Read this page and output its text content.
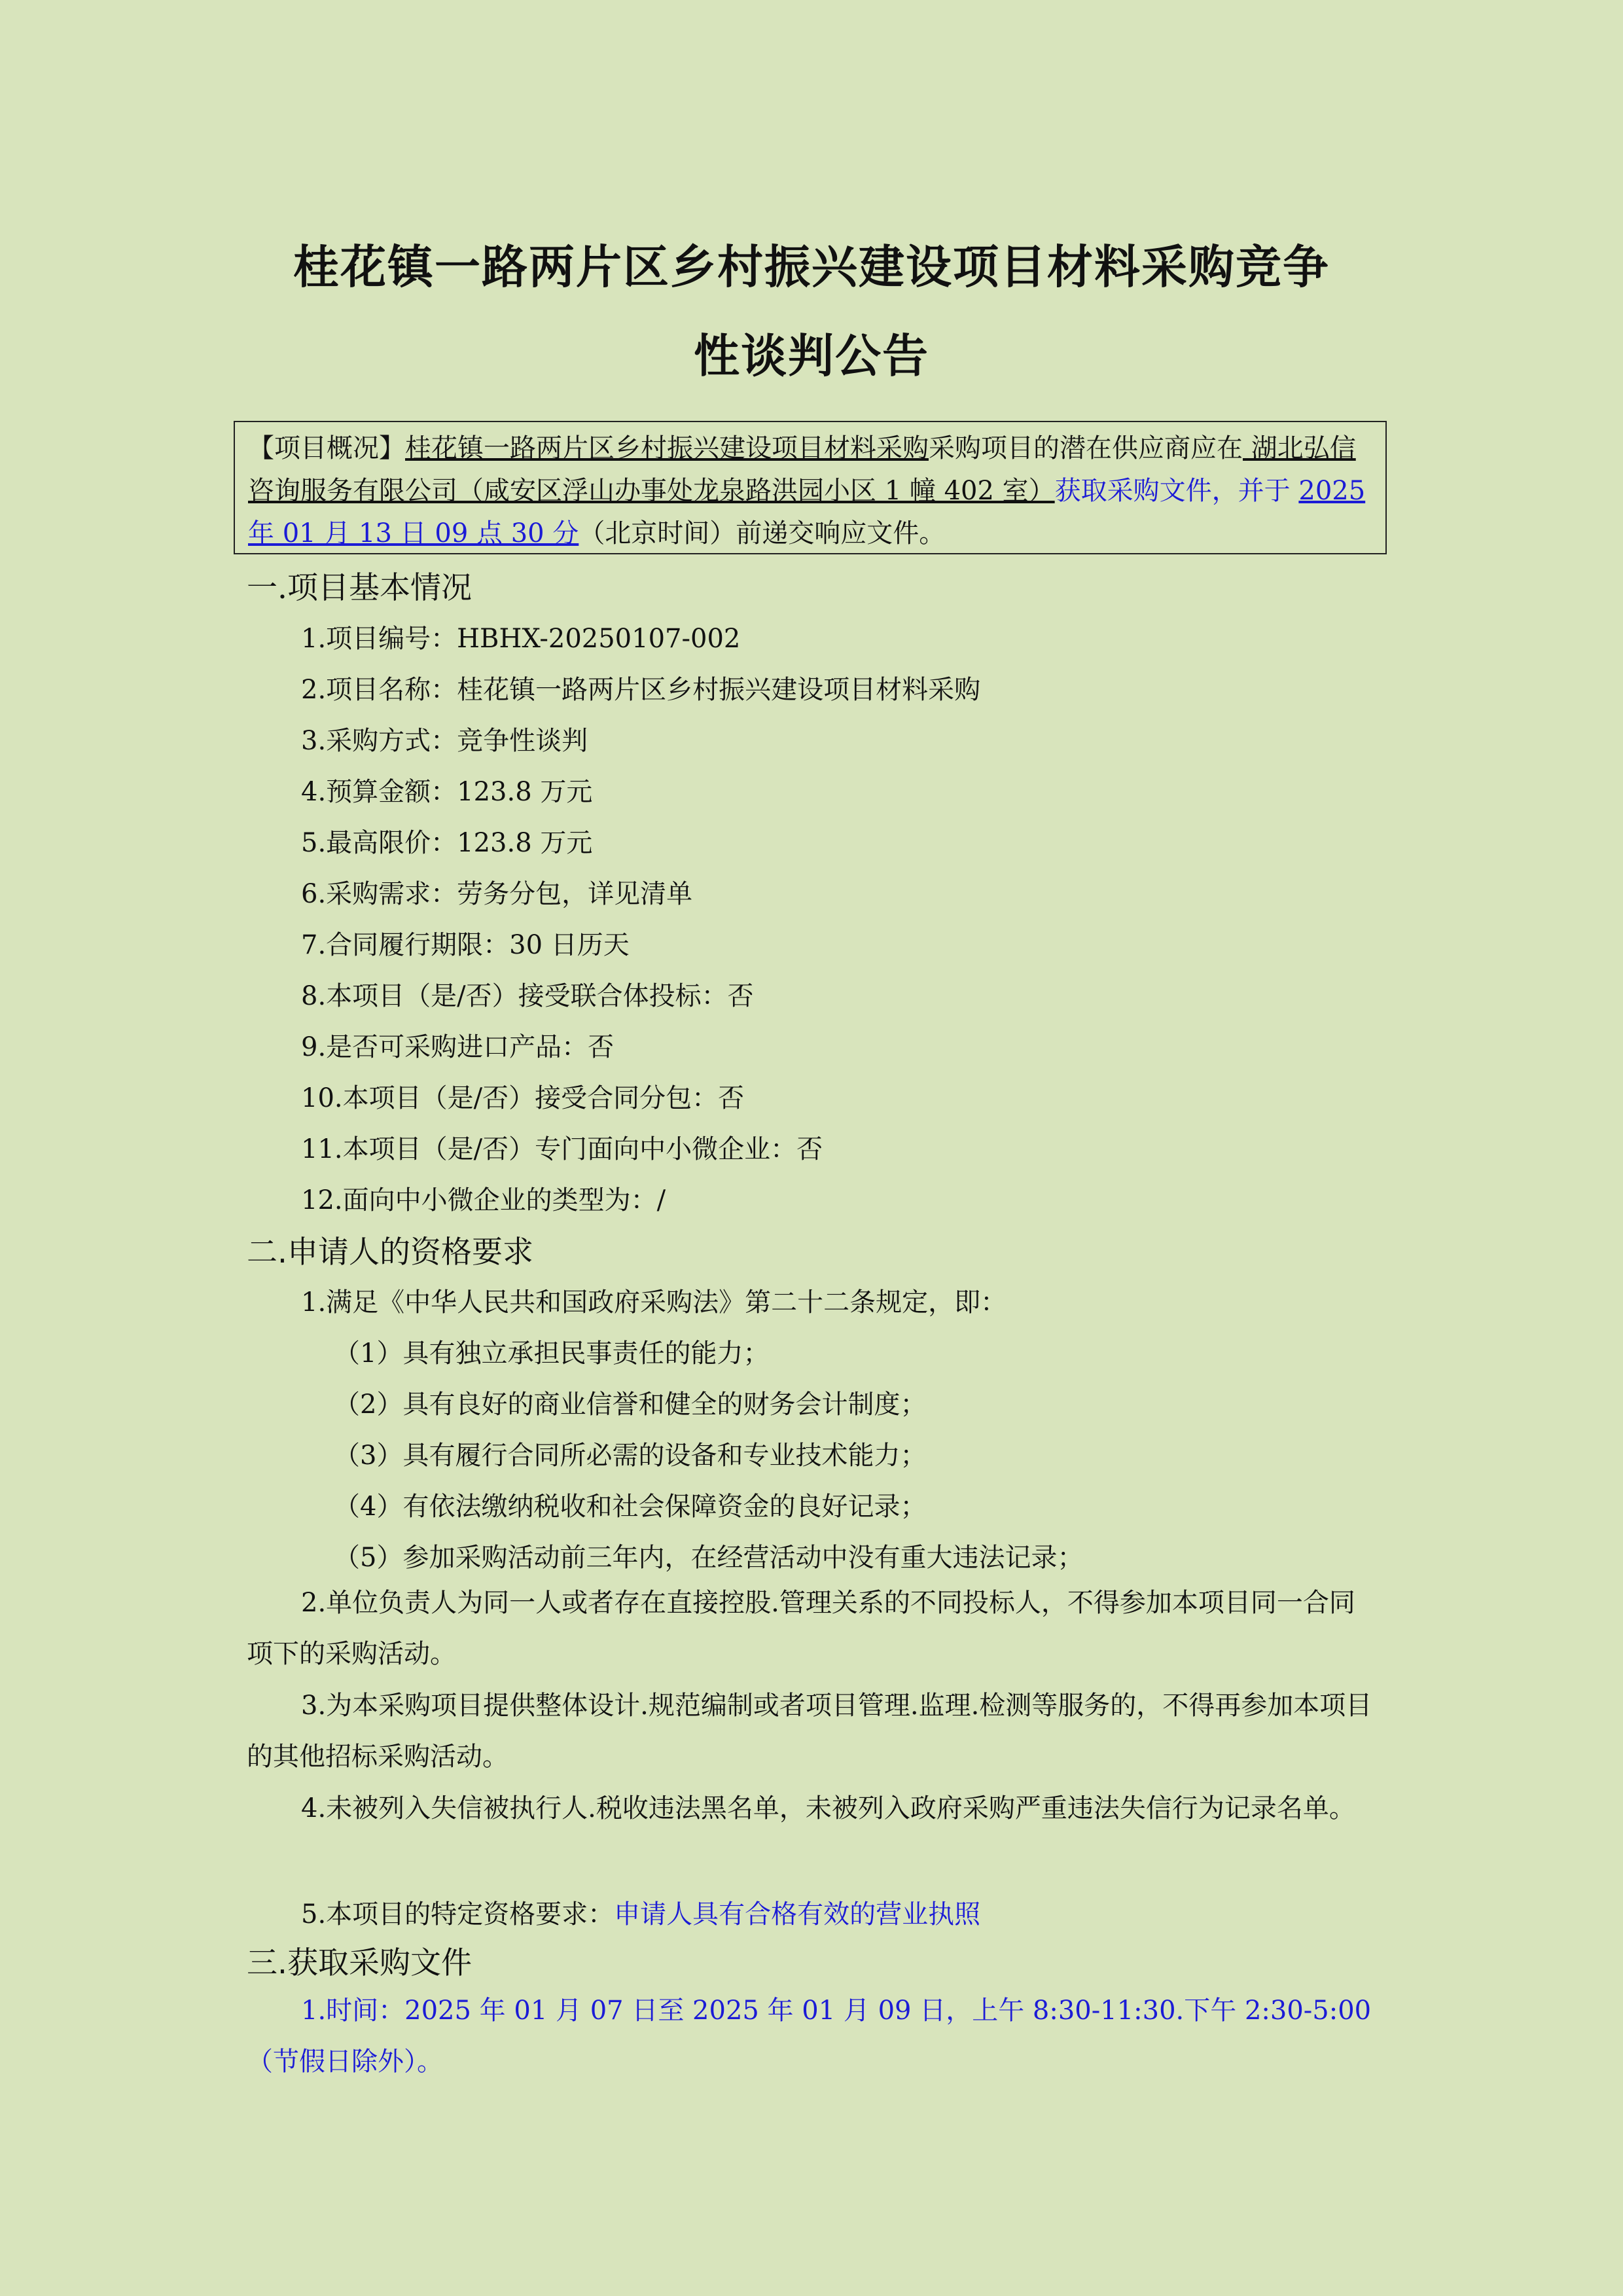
桂花镇一路两片区乡村振兴建设项目材料采购竞争
性谈判公告
【项目概况】桂花镇一路两片区乡村振兴建设项目材料采购采购项目的潜在供应商应在 湖北弘信咨询服务有限公司（咸安区浮山办事处龙泉路洪园小区 1 幢 402 室）获取采购文件，并于 2025 年 01 月 13 日 09 点 30 分（北京时间）前递交响应文件。
一.项目基本情况
1.项目编号：HBHX-20250107-002
2.项目名称：桂花镇一路两片区乡村振兴建设项目材料采购
3.采购方式：竞争性谈判
4.预算金额：123.8 万元
5.最高限价：123.8 万元
6.采购需求：劳务分包，详见清单
7.合同履行期限：30 日历天
8.本项目（是/否）接受联合体投标：否
9.是否可采购进口产品：否
10.本项目（是/否）接受合同分包：否
11.本项目（是/否）专门面向中小微企业：否
12.面向中小微企业的类型为：/
二.申请人的资格要求
1.满足《中华人民共和国政府采购法》第二十二条规定，即：
（1）具有独立承担民事责任的能力；
（2）具有良好的商业信誉和健全的财务会计制度；
（3）具有履行合同所必需的设备和专业技术能力；
（4）有依法缴纳税收和社会保障资金的良好记录；
（5）参加采购活动前三年内，在经营活动中没有重大违法记录；
2.单位负责人为同一人或者存在直接控股.管理关系的不同投标人，不得参加本项目同一合同项下的采购活动。
3.为本采购项目提供整体设计.规范编制或者项目管理.监理.检测等服务的，不得再参加本项目的其他招标采购活动。
4.未被列入失信被执行人.税收违法黑名单，未被列入政府采购严重违法失信行为记录名单。
5.本项目的特定资格要求：申请人具有合格有效的营业执照
三.获取采购文件
1.时间：2025 年 01 月 07 日至 2025 年 01 月 09 日，上午 8:30-11:30.下午 2:30-5:00（节假日除外）。
